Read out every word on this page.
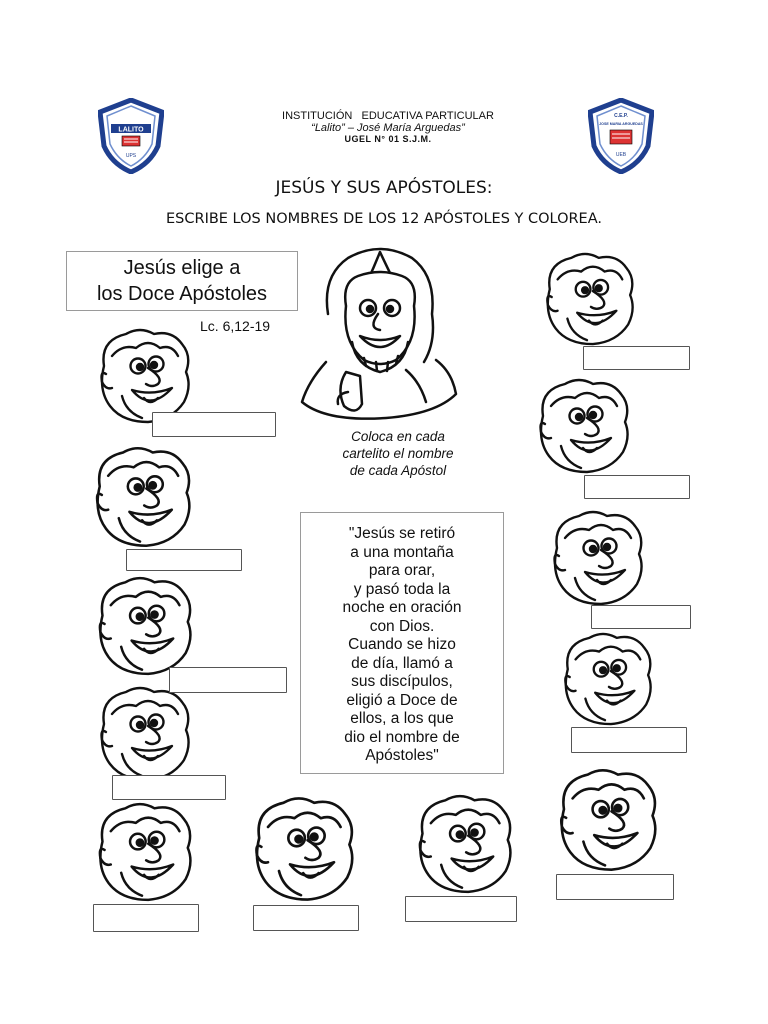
LALITO
UPS
C.E.P.
JOSE MARIA ARGUEDAS
UEB
INSTITUCIÓN   EDUCATIVA PARTICULAR
“Lalito” – José María Arguedas”
UGEL N° 01 S.J.M.
JESÚS Y SUS APÓSTOLES:
ESCRIBE LOS NOMBRES DE LOS 12 APÓSTOLES Y COLOREA.
Jesús elige a
los Doce Apóstoles
Lc. 6,12-19
Coloca en cada
cartelito el nombre
de cada Apóstol
"Jesús se retiró
a una montaña
para orar,
y pasó toda la
noche en oración
con Dios.
Cuando se hizo
de día, llamó a
sus discípulos,
eligió a Doce de
ellos, a los que
dio el nombre de
Apóstoles"
